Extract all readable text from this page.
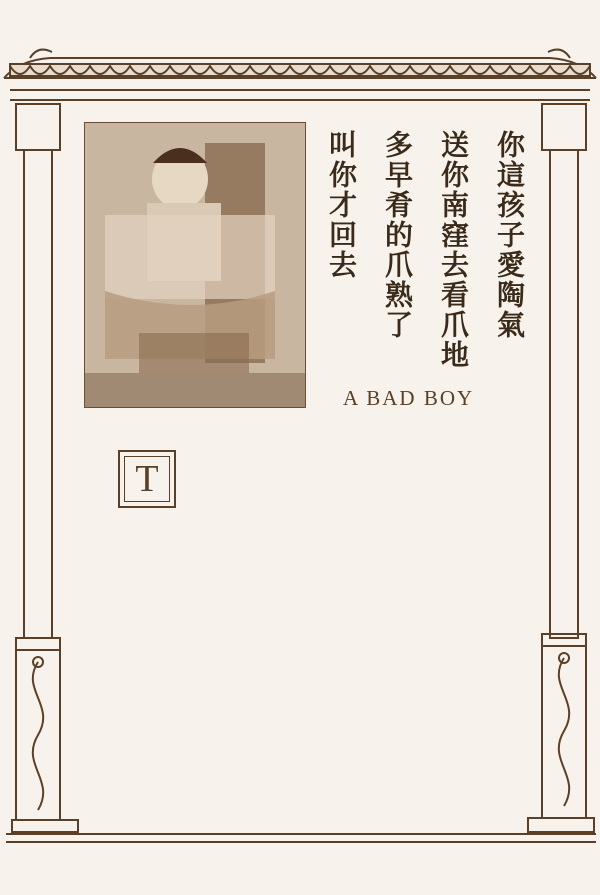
你這孩子愛陶氣
送你南窪去看爪地
多早肴的爪熟了
叫你才回去
A BAD BOY
T
